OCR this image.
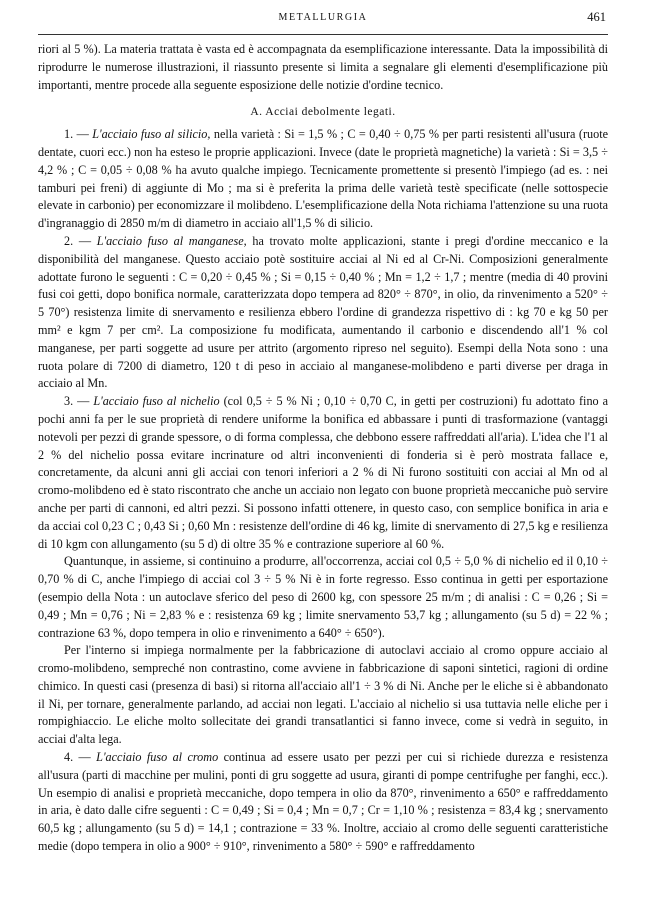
METALLURGIA	461

riori al 5 %). La materia trattata è vasta ed è accompagnata da esemplificazione interessante. Data la impossibilità di riprodurre le numerose illustrazioni, il riassunto presente si limita a segnalare gli elementi d'esemplificazione più importanti, mentre procede alla seguente esposizione delle notizie d'ordine tecnico.

A. Acciai debolmente legati.

1. — L'acciaio fuso al silicio, nella varietà : Si = 1,5 % ; C = 0,40 ÷ 0,75 % per parti resistenti all'usura (ruote dentate, cuori ecc.) non ha esteso le proprie applicazioni. Invece (date le proprietà magnetiche) la varietà : Si = 3,5 ÷ 4,2 % ; C = 0,05 ÷ 0,08 % ha avuto qualche impiego. Tecnicamente promettente si presentò l'impiego (ad es. : nei tamburi pei freni) di aggiunte di Mo ; ma si è preferita la prima delle varietà testè specificate (nelle sottospecie elevate in carbonio) per economizzare il molibdeno. L'esemplificazione della Nota richiama l'attenzione su una ruota d'ingranaggio di 2850 m/m di diametro in acciaio all'1,5 % di silicio.

2. — L'acciaio fuso al manganese, ha trovato molte applicazioni, stante i pregi d'ordine meccanico e la disponibilità del manganese. Questo acciaio potè sostituire acciai al Ni ed al Cr-Ni. Composizioni generalmente adottate furono le seguenti : C = 0,20 ÷ 0,45 % ; Si = 0,15 ÷ 0,40 % ; Mn = 1,2 ÷ 1,7 ; mentre (media di 40 provini fusi coi getti, dopo bonifica normale, caratterizzata dopo tempera ad 820° ÷ 870°, in olio, da rinvenimento a 520° ÷ 5 70°) resistenza limite di snervamento e resilienza ebbero l'ordine di grandezza rispettivo di : kg 70 e kg 50 per mm² e kgm 7 per cm². La composizione fu modificata, aumentando il carbonio e discendendo all'1 % col manganese, per parti soggette ad usure per attrito (argomento ripreso nel seguito). Esempi della Nota sono : una ruota polare di 7200 di diametro, 120 t di peso in acciaio al manganese-molibdeno e parti diverse per draga in acciaio al Mn.

3. — L'acciaio fuso al nichelio (col 0,5 ÷ 5 % Ni ; 0,10 ÷ 0,70 C, in getti per costruzioni) fu adottato fino a pochi anni fa per le sue proprietà di rendere uniforme la bonifica ed abbassare i punti di trasformazione (vantaggi notevoli per pezzi di grande spessore, o di forma complessa, che debbono essere raffreddati all'aria). L'idea che l'1 al 2 % del nichelio possa evitare incrinature od altri inconvenienti di fonderia si è però mostrata fallace e, concretamente, da alcuni anni gli acciai con tenori inferiori a 2 % di Ni furono sostituiti con acciai al Mn od al cromo-molibdeno ed è stato riscontrato che anche un acciaio non legato con buone proprietà meccaniche può servire anche per parti di cannoni, ed altri pezzi. Si possono infatti ottenere, in questo caso, con semplice bonifica in aria e da acciai col 0,23 C ; 0,43 Si ; 0,60 Mn : resistenze dell'ordine di 46 kg, limite di snervamento di 27,5 kg e resilienza di 10 kgm con allungamento (su 5 d) di oltre 35 % e contrazione superiore al 60 %.

Quantunque, in assieme, si continuino a produrre, all'occorrenza, acciai col 0,5 ÷ 5,0 % di nichelio ed il 0,10 ÷ 0,70 % di C, anche l'impiego di acciai col 3 ÷ 5 % Ni è in forte regresso. Esso continua in getti per esportazione (esempio della Nota : un autoclave sferico del peso di 2600 kg, con spessore 25 m/m ; di analisi : C = 0,26 ; Si = 0,49 ; Mn = 0,76 ; Ni = 2,83 % e : resistenza 69 kg ; limite snervamento 53,7 kg ; allungamento (su 5 d) = 22 % ; contrazione 63 %, dopo tempera in olio e rinvenimento a 640° ÷ 650°).

Per l'interno si impiega normalmente per la fabbricazione di autoclavi acciaio al cromo oppure acciaio al cromo-molibdeno, sempreché non contrastino, come avviene in fabbricazione di saponi sintetici, ragioni di ordine chimico. In questi casi (presenza di basi) si ritorna all'acciaio all'1 ÷ 3 % di Ni. Anche per le eliche si è abbandonato il Ni, per tornare, generalmente parlando, ad acciai non legati. L'acciaio al nichelio si usa tuttavia nelle eliche per i rompighiaccio. Le eliche molto sollecitate dei grandi transatlantici si fanno invece, come si vedrà in seguito, in acciai d'alta lega.

4. — L'acciaio fuso al cromo continua ad essere usato per pezzi per cui si richiede durezza e resistenza all'usura (parti di macchine per mulini, ponti di gru soggette ad usura, giranti di pompe centrifughe per fanghi, ecc.). Un esempio di analisi e proprietà meccaniche, dopo tempera in olio da 870°, rinvenimento a 650° e raffreddamento in aria, è dato dalle cifre seguenti : C = 0,49 ; Si = 0,4 ; Mn = 0,7 ; Cr = 1,10 % ; resistenza = 83,4 kg ; snervamento 60,5 kg ; allungamento (su 5 d) = 14,1 ; contrazione = 33 %. Inoltre, acciaio al cromo delle seguenti caratteristiche medie (dopo tempera in olio a 900° ÷ 910°, rinvenimento a 580° ÷ 590° e raffreddamento
